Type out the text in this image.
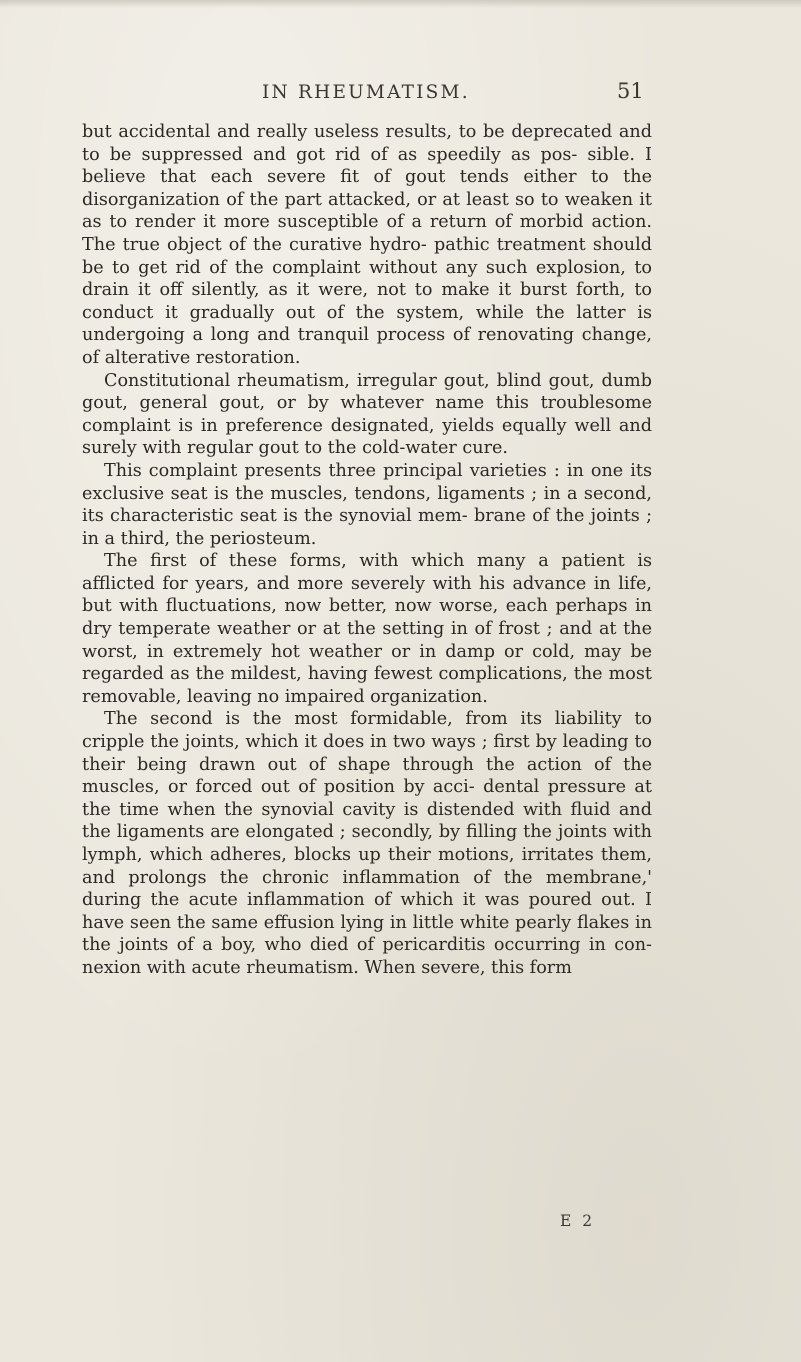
IN RHEUMATISM.	51

but accidental and really useless results, to be deprecated and to be suppressed and got rid of as speedily as pos- sible. I believe that each severe fit of gout tends either to the disorganization of the part attacked, or at least so to weaken it as to render it more susceptible of a return of morbid action. The true object of the curative hydro- pathic treatment should be to get rid of the complaint without any such explosion, to drain it off silently, as it were, not to make it burst forth, to conduct it gradually out of the system, while the latter is undergoing a long and tranquil process of renovating change, of alterative restoration.

Constitutional rheumatism, irregular gout, blind gout, dumb gout, general gout, or by whatever name this troublesome complaint is in preference designated, yields equally well and surely with regular gout to the cold-water cure.

This complaint presents three principal varieties : in one its exclusive seat is the muscles, tendons, ligaments ; in a second, its characteristic seat is the synovial mem- brane of the joints ; in a third, the periosteum.

The first of these forms, with which many a patient is afflicted for years, and more severely with his advance in life, but with fluctuations, now better, now worse, each perhaps in dry temperate weather or at the setting in of frost ; and at the worst, in extremely hot weather or in damp or cold, may be regarded as the mildest, having fewest complications, the most removable, leaving no impaired organization.

The second is the most formidable, from its liability to cripple the joints, which it does in two ways ; first by leading to their being drawn out of shape through the action of the muscles, or forced out of position by acci- dental pressure at the time when the synovial cavity is distended with fluid and the ligaments are elongated ; secondly, by filling the joints with lymph, which adheres, blocks up their motions, irritates them, and prolongs the chronic inflammation of the membrane,' during the acute inflammation of which it was poured out. I have seen the same effusion lying in little white pearly flakes in the joints of a boy, who died of pericarditis occurring in con- nexion with acute rheumatism. When severe, this form

E 2
